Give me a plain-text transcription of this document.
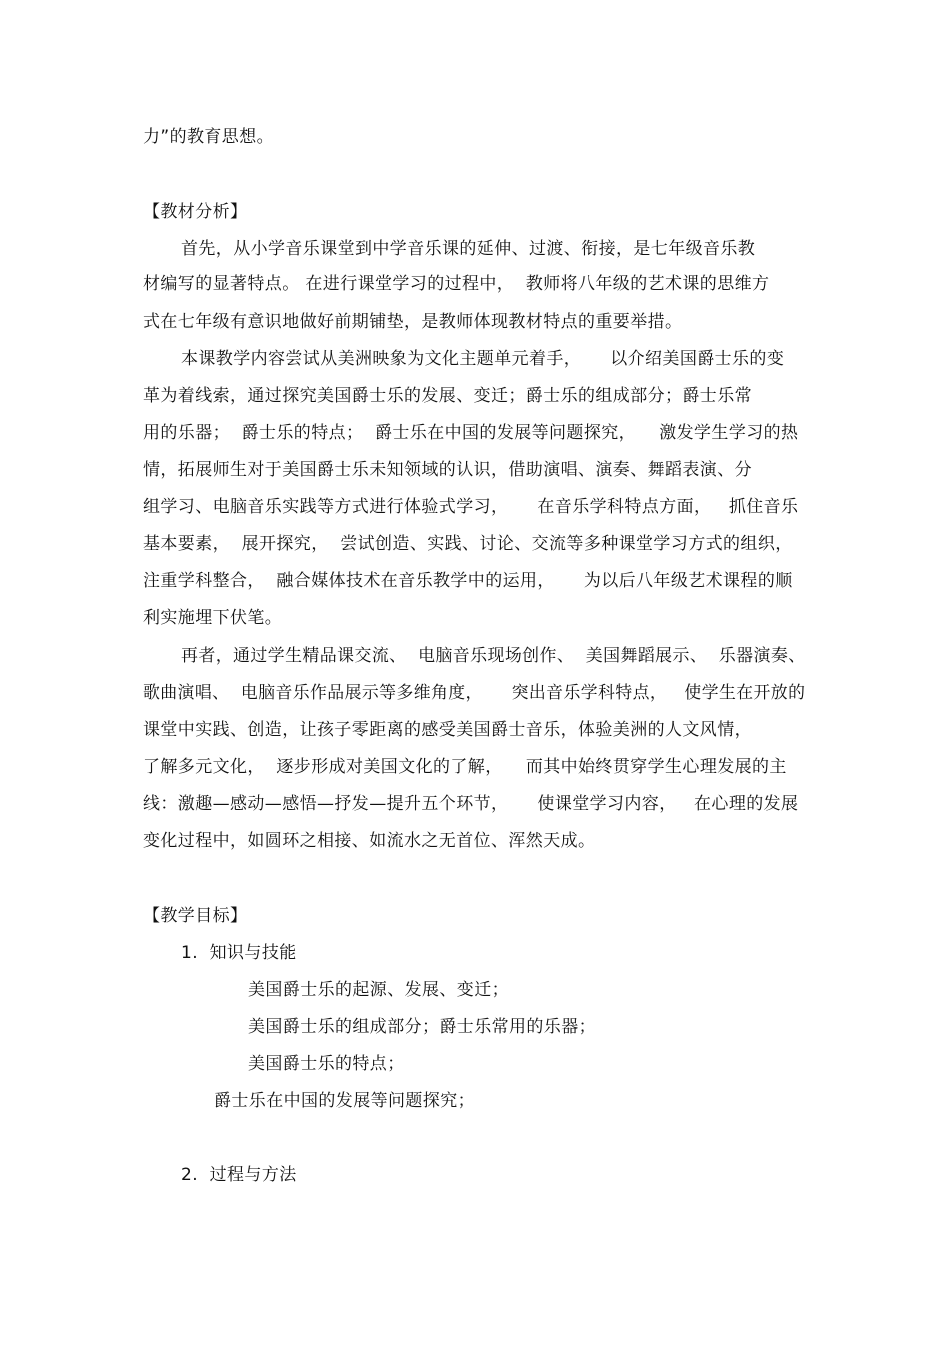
力”的教育思想。
【教材分析】
首先，从小学音乐课堂到中学音乐课的延伸、过渡、衔接，是七年级音乐教
材编写的显著特点。 在进行课堂学习的过程中，  教师将八年级的艺术课的思维方
式在七年级有意识地做好前期铺垫，是教师体现教材特点的重要举措。
本课教学内容尝试从美洲映象为文化主题单元着手，     以介绍美国爵士乐的变
革为着线索，通过探究美国爵士乐的发展、变迁；爵士乐的组成部分；爵士乐常
用的乐器；  爵士乐的特点；  爵士乐在中国的发展等问题探究，    激发学生学习的热
情，拓展师生对于美国爵士乐未知领域的认识，借助演唱、演奏、舞蹈表演、分
组学习、电脑音乐实践等方式进行体验式学习，     在音乐学科特点方面，   抓住音乐
基本要素，  展开探究，  尝试创造、实践、讨论、交流等多种课堂学习方式的组织，
注重学科整合，  融合媒体技术在音乐教学中的运用，     为以后八年级艺术课程的顺
利实施埋下伏笔。
再者，通过学生精品课交流、  电脑音乐现场创作、  美国舞蹈展示、  乐器演奏、
歌曲演唱、  电脑音乐作品展示等多维角度，     突出音乐学科特点，   使学生在开放的
课堂中实践、创造，让孩子零距离的感受美国爵士音乐，体验美洲的人文风情，
了解多元文化，  逐步形成对美国文化的了解，    而其中始终贯穿学生心理发展的主
线：激趣—感动—感悟—抒发—提升五个环节，     使课堂学习内容，   在心理的发展
变化过程中，如圆环之相接、如流水之无首位、浑然天成。
【教学目标】
1.  知识与技能
美国爵士乐的起源、发展、变迁；
美国爵士乐的组成部分；爵士乐常用的乐器；
美国爵士乐的特点；
爵士乐在中国的发展等问题探究；
2.  过程与方法
